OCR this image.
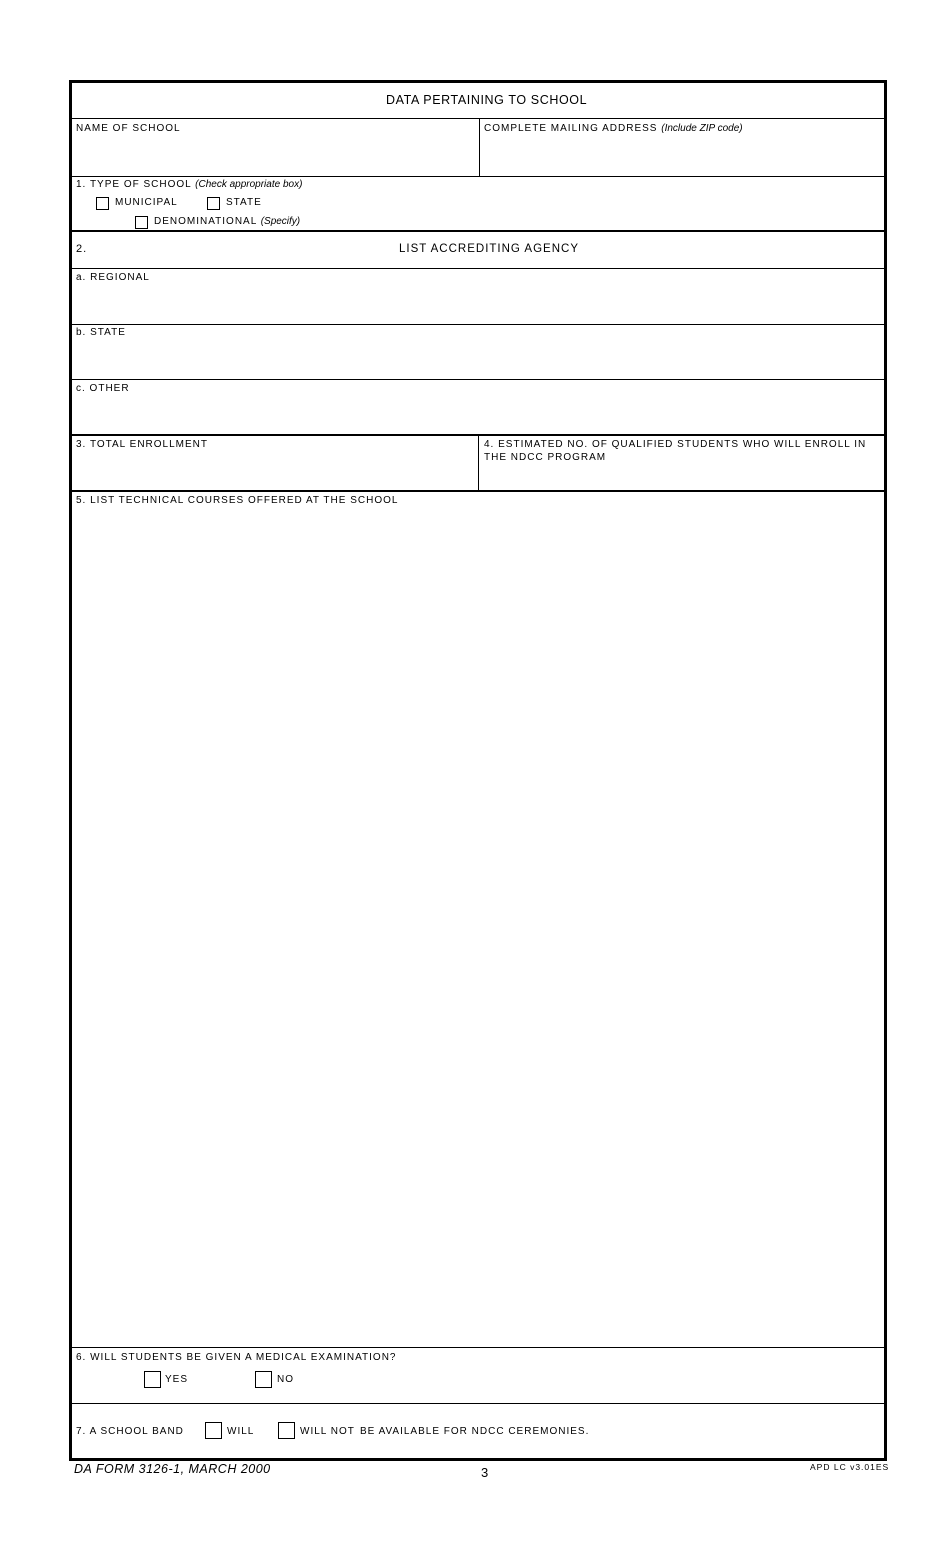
DATA PERTAINING TO SCHOOL
NAME OF SCHOOL	COMPLETE MAILING ADDRESS (Include ZIP code)
1. TYPE OF SCHOOL (Check appropriate box)
MUNICIPAL	STATE
DENOMINATIONAL (Specify)
2.	LIST ACCREDITING AGENCY
a. REGIONAL
b. STATE
c. OTHER
3. TOTAL ENROLLMENT	4. ESTIMATED NO. OF QUALIFIED STUDENTS WHO WILL ENROLL IN
THE NDCC PROGRAM
5. LIST TECHNICAL COURSES OFFERED AT THE SCHOOL
6. WILL STUDENTS BE GIVEN A MEDICAL EXAMINATION?
YES	NO
7. A SCHOOL BAND	WILL	WILL NOT BE AVAILABLE FOR NDCC CEREMONIES.
DA FORM 3126-1, MARCH 2000	3	APD LC v3.01ES
